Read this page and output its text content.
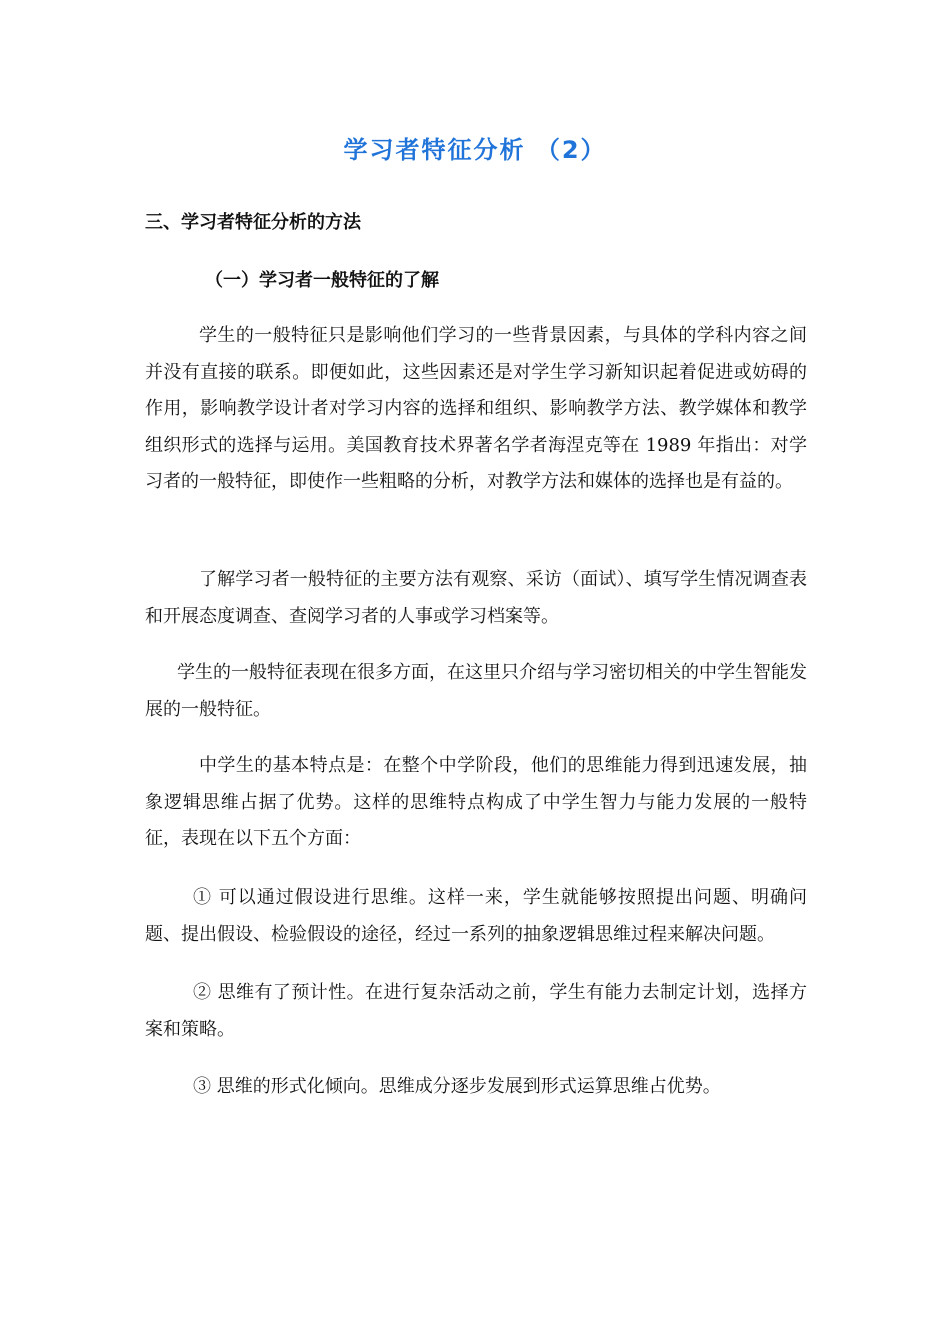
学习者特征分析 （2）
三、学习者特征分析的方法
（一）学习者一般特征的了解

学生的一般特征只是影响他们学习的一些背景因素，与具体的学科内容之间并没有直接的联系。即便如此，这些因素还是对学生学习新知识起着促进或妨碍的作用，影响教学设计者对学习内容的选择和组织、影响教学方法、教学媒体和教学组织形式的选择与运用。美国教育技术界著名学者海涅克等在 1989 年指出：对学习者的一般特征，即使作一些粗略的分析，对教学方法和媒体的选择也是有益的。

了解学习者一般特征的主要方法有观察、采访（面试）、填写学生情况调查表和开展态度调查、查阅学习者的人事或学习档案等。

学生的一般特征表现在很多方面，在这里只介绍与学习密切相关的中学生智能发展的一般特征。

中学生的基本特点是：在整个中学阶段，他们的思维能力得到迅速发展，抽象逻辑思维占据了优势。这样的思维特点构成了中学生智力与能力发展的一般特征，表现在以下五个方面：

① 可以通过假设进行思维。这样一来，学生就能够按照提出问题、明确问题、提出假设、检验假设的途径，经过一系列的抽象逻辑思维过程来解决问题。

② 思维有了预计性。在进行复杂活动之前，学生有能力去制定计划，选择方案和策略。

③ 思维的形式化倾向。思维成分逐步发展到形式运算思维占优势。
